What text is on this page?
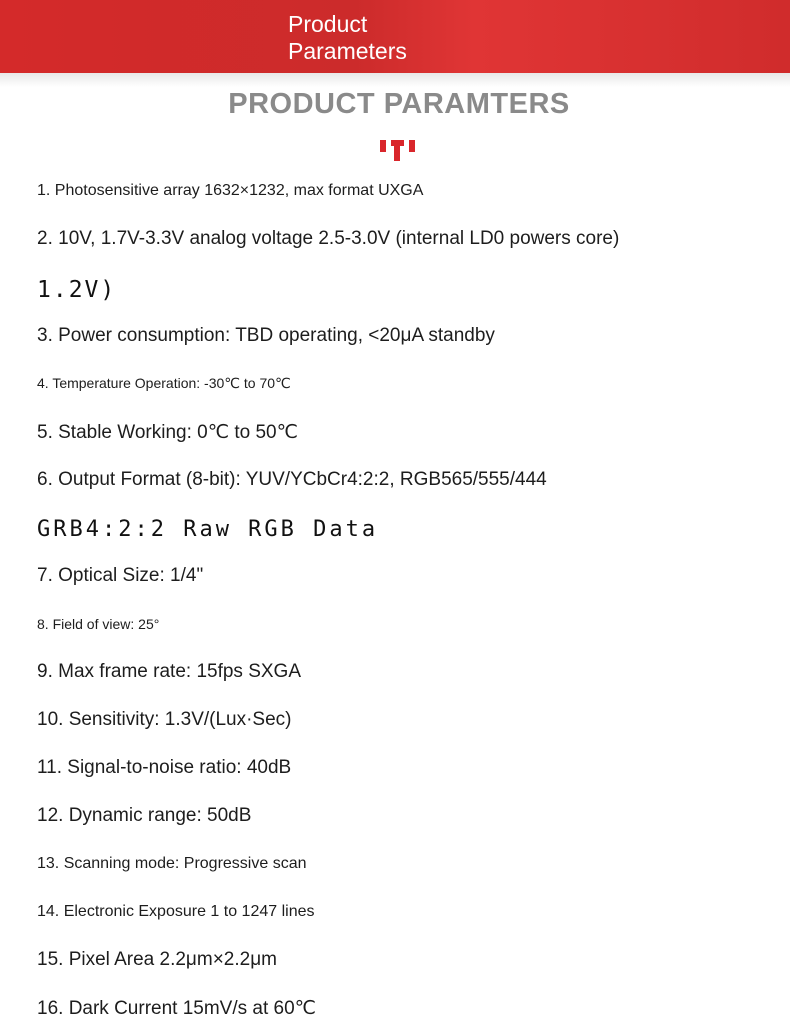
Product
Parameters
PRODUCT PARAMTERS
1. Photosensitive array 1632×1232, max format UXGA
2. 10V, 1.7V-3.3V analog voltage 2.5-3.0V (internal LD0 powers core)
1.2V)
3. Power consumption: TBD operating, <20μA standby
4. Temperature Operation: -30℃ to 70℃
5. Stable Working: 0℃ to 50℃
6. Output Format (8-bit): YUV/YCbCr4:2:2, RGB565/555/444
GRB4:2:2 Raw RGB Data
7. Optical Size: 1/4"
8. Field of view: 25°
9. Max frame rate: 15fps SXGA
10. Sensitivity: 1.3V/(Lux·Sec)
11. Signal-to-noise ratio: 40dB
12. Dynamic range: 50dB
13. Scanning mode: Progressive scan
14. Electronic Exposure 1 to 1247 lines
15. Pixel Area 2.2μm×2.2μm
16. Dark Current 15mV/s at 60℃
